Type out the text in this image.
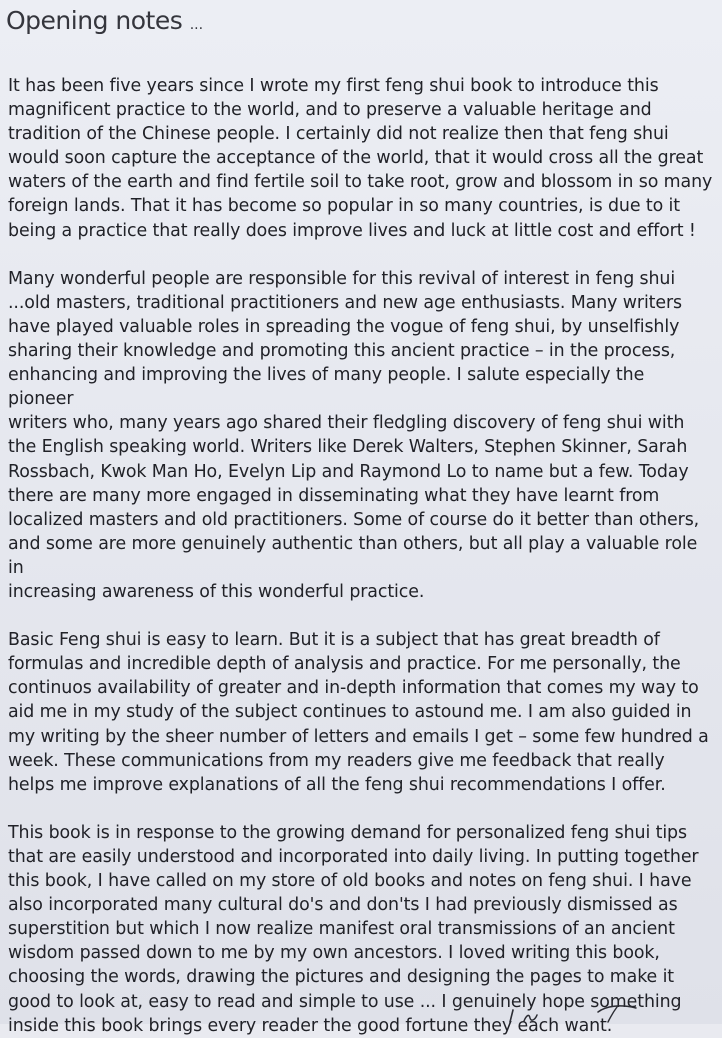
Opening notes ...

It has been five years since I wrote my first feng shui book to introduce this
magnificent practice to the world, and to preserve a valuable heritage and
tradition of the Chinese people. I certainly did not realize then that feng shui
would soon capture the acceptance of the world, that it would cross all the great
waters of the earth and find fertile soil to take root, grow and blossom in so many
foreign lands. That it has become so popular in so many countries, is due to it
being a practice that really does improve lives and luck at little cost and effort !

Many wonderful people are responsible for this revival of interest in feng shui
...old masters, traditional practitioners and new age enthusiasts. Many writers
have played valuable roles in spreading the vogue of feng shui, by unselfishly
sharing their knowledge and promoting this ancient practice – in the process,
enhancing and improving the lives of many people. I salute especially the pioneer
writers who, many years ago shared their fledgling discovery of feng shui with
the English speaking world. Writers like Derek Walters, Stephen Skinner, Sarah
Rossbach, Kwok Man Ho, Evelyn Lip and Raymond Lo to name but a few. Today
there are many more engaged in disseminating what they have learnt from
localized masters and old practitioners. Some of course do it better than others,
and some are more genuinely authentic than others, but all play a valuable role in
increasing awareness of this wonderful practice.

Basic Feng shui is easy to learn. But it is a subject that has great breadth of
formulas and incredible depth of analysis and practice. For me personally, the
continuos availability of greater and in-depth information that comes my way to
aid me in my study of the subject continues to astound me. I am also guided in
my writing by the sheer number of letters and emails I get – some few hundred a
week. These communications from my readers give me feedback that really
helps me improve explanations of all the feng shui recommendations I offer.

This book is in response to the growing demand for personalized feng shui tips
that are easily understood and incorporated into daily living. In putting together
this book, I have called on my store of old books and notes on feng shui. I have
also incorporated many cultural do's and don'ts I had previously dismissed as
superstition but which I now realize manifest oral transmissions of an ancient
wisdom passed down to me by my own ancestors. I loved writing this book,
choosing the words, drawing the pictures and designing the pages to make it
good to look at, easy to read and simple to use ... I genuinely hope something
inside this book brings every reader the good fortune they each want.
